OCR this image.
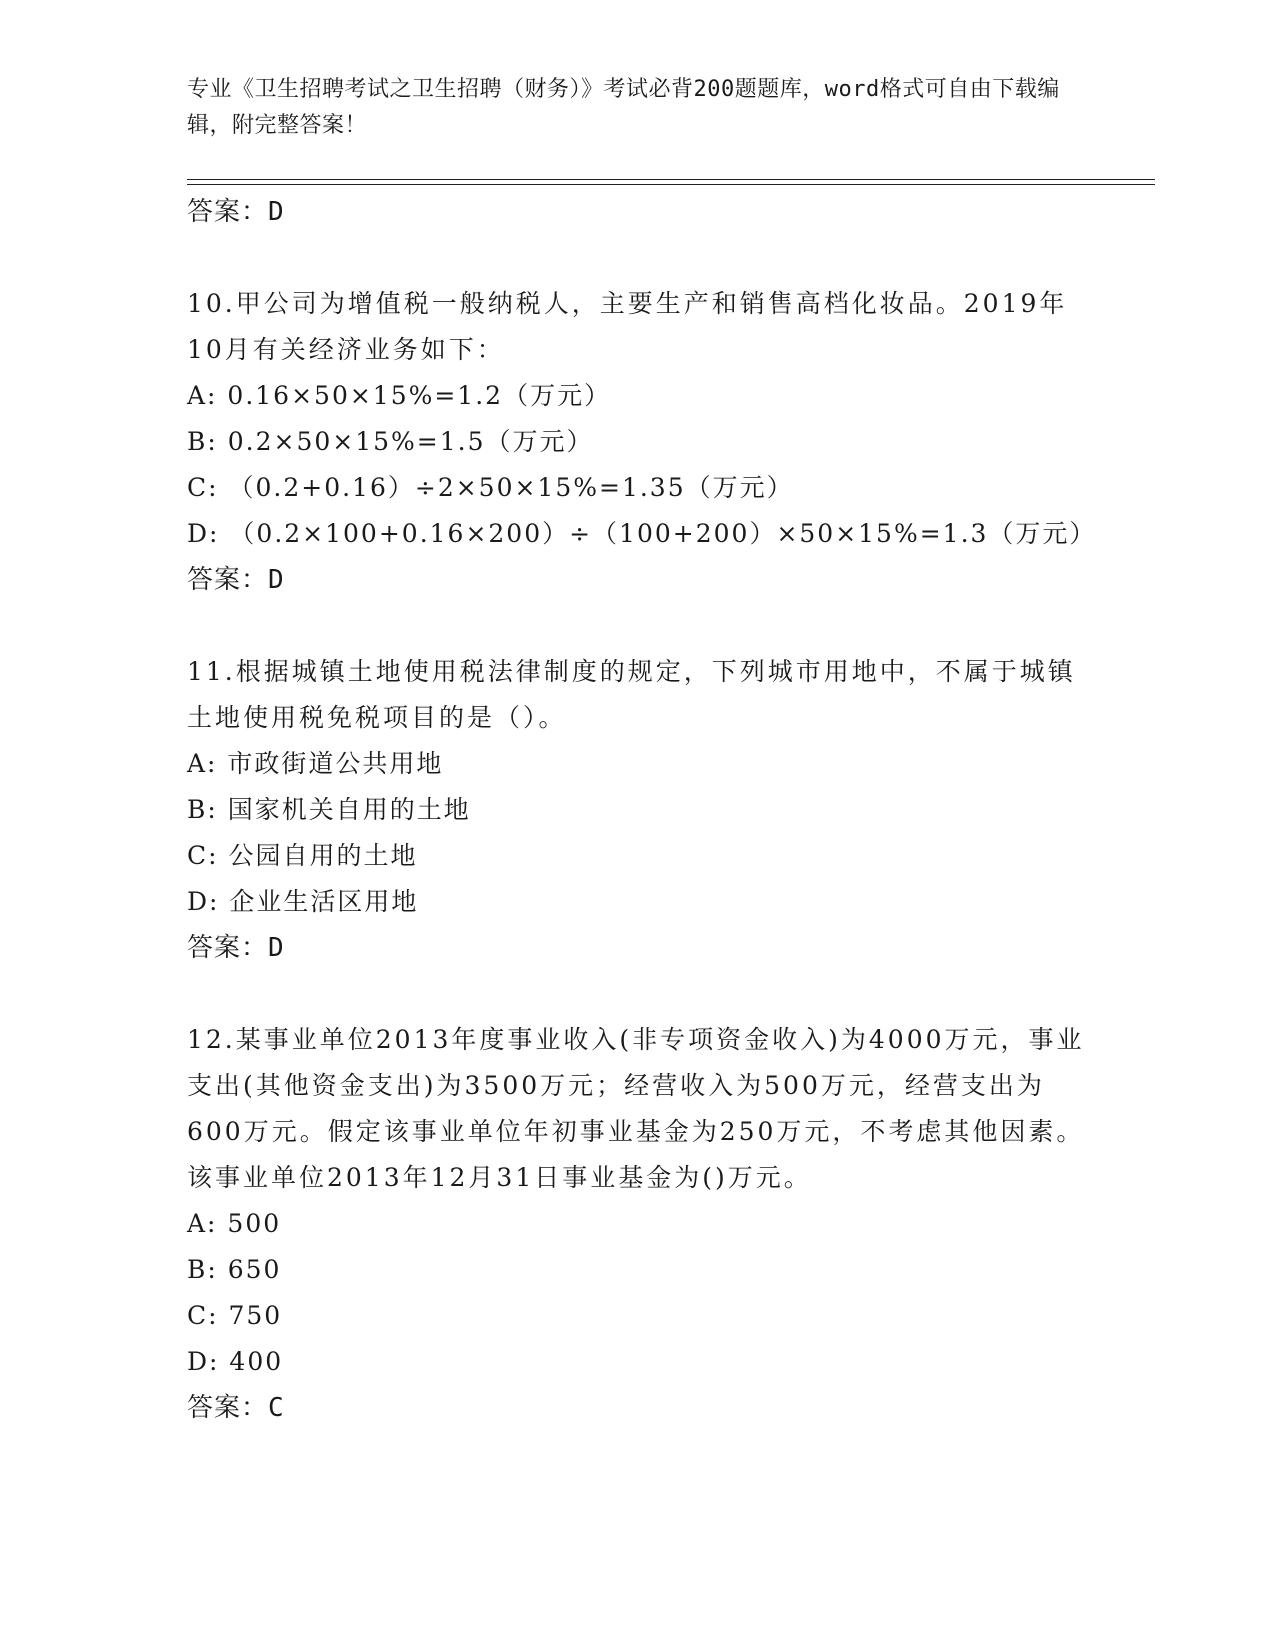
专业《卫生招聘考试之卫生招聘（财务）》考试必背200题题库，word格式可自由下载编辑，附完整答案！
答案：D
10.甲公司为增值税一般纳税人，主要生产和销售高档化妆品。2019年10月有关经济业务如下：
A: 0.16×50×15%=1.2（万元）
B: 0.2×50×15%=1.5（万元）
C: （0.2+0.16）÷2×50×15%=1.35（万元）
D: （0.2×100+0.16×200）÷（100+200）×50×15%=1.3（万元）
答案：D
11.根据城镇土地使用税法律制度的规定，下列城市用地中，不属于城镇土地使用税免税项目的是（）。
A: 市政街道公共用地
B: 国家机关自用的土地
C: 公园自用的土地
D: 企业生活区用地
答案：D
12.某事业单位2013年度事业收入(非专项资金收入)为4000万元，事业支出(其他资金支出)为3500万元；经营收入为500万元，经营支出为600万元。假定该事业单位年初事业基金为250万元，不考虑其他因素。该事业单位2013年12月31日事业基金为()万元。
A: 500
B: 650
C: 750
D: 400
答案：C
